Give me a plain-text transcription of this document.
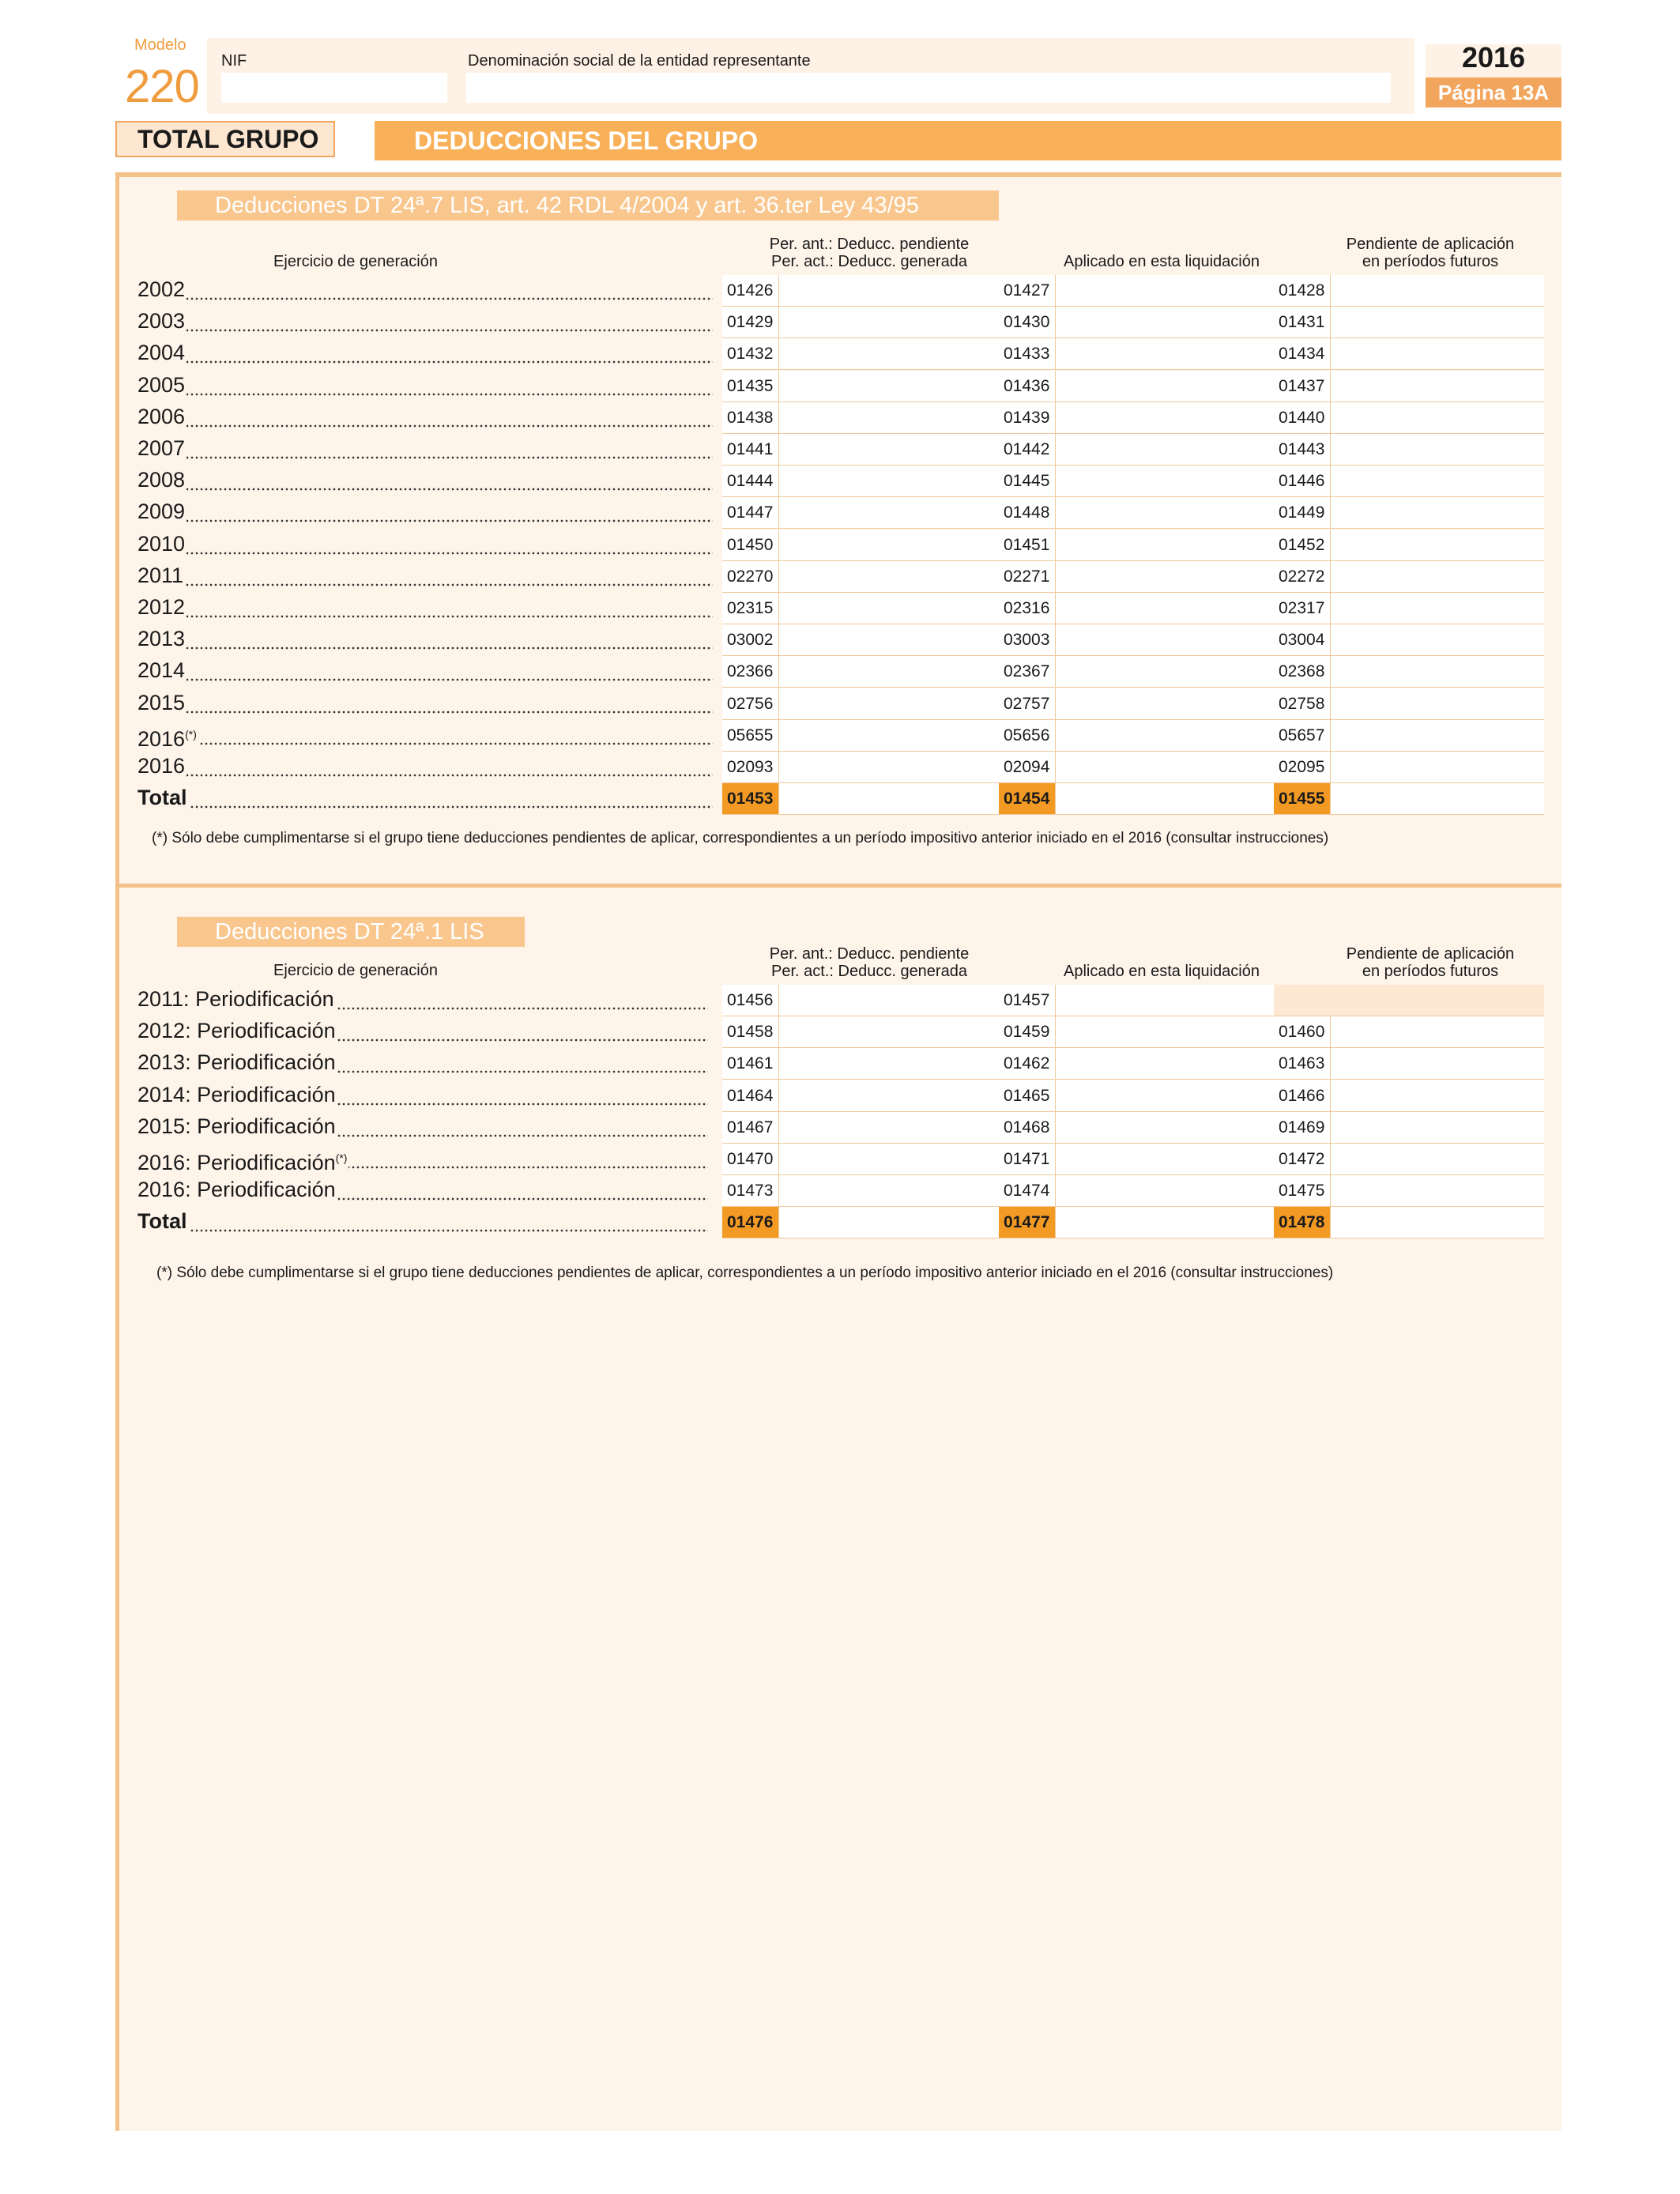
Modelo
220 NIF	Denominación social de la entidad representante	2016
Página 13A
TOTAL GRUPO	DEDUCCIONES DEL GRUPO
Deducciones DT 24ª.7 LIS, art. 42 RDL 4/2004 y art. 36.ter Ley 43/95
Ejercicio de generación
Per. ant.: Deducc. pendiente
Per. act.: Deducc. generada	Aplicado en esta liquidación
Pendiente de aplicación
en períodos futuros
2002	01426	01427	01428
2003	01429	01430	01431
2004	01432	01433	01434
2005	01435	01436	01437
2006	01438	01439	01440
2007	01441	01442	01443
2008	01444	01445	01446
2009	01447	01448	01449
2010	01450	01451	01452
2011	02270	02271	02272
2012	02315	02316	02317
2013	03002	03003	03004
2014	02366	02367	02368
2015	02756	02757	02758
2016(*)	05655	05656	05657
2016	02093	02094	02095
Total	01453	01454	01455
(*) Sólo debe cumplimentarse si el grupo tiene deducciones pendientes de aplicar, correspondientes a un período impositivo anterior iniciado en el 2016 (consultar instrucciones)
Deducciones DT 24ª.1 LIS
Ejercicio de generación
Per. ant.: Deducc. pendiente
Per. act.: Deducc. generada	Aplicado en esta liquidación
Pendiente de aplicación
en períodos futuros
2011: Periodificación	01456	01457
2012: Periodificación	01458	01459	01460
2013: Periodificación	01461	01462	01463
2014: Periodificación	01464	01465	01466
2015: Periodificación	01467	01468	01469
2016: Periodificación(*)	01470	01471	01472
2016: Periodificación	01473	01474	01475
Total	01476	01477	01478
(*) Sólo debe cumplimentarse si el grupo tiene deducciones pendientes de aplicar, correspondientes a un período impositivo anterior iniciado en el 2016 (consultar instrucciones)
